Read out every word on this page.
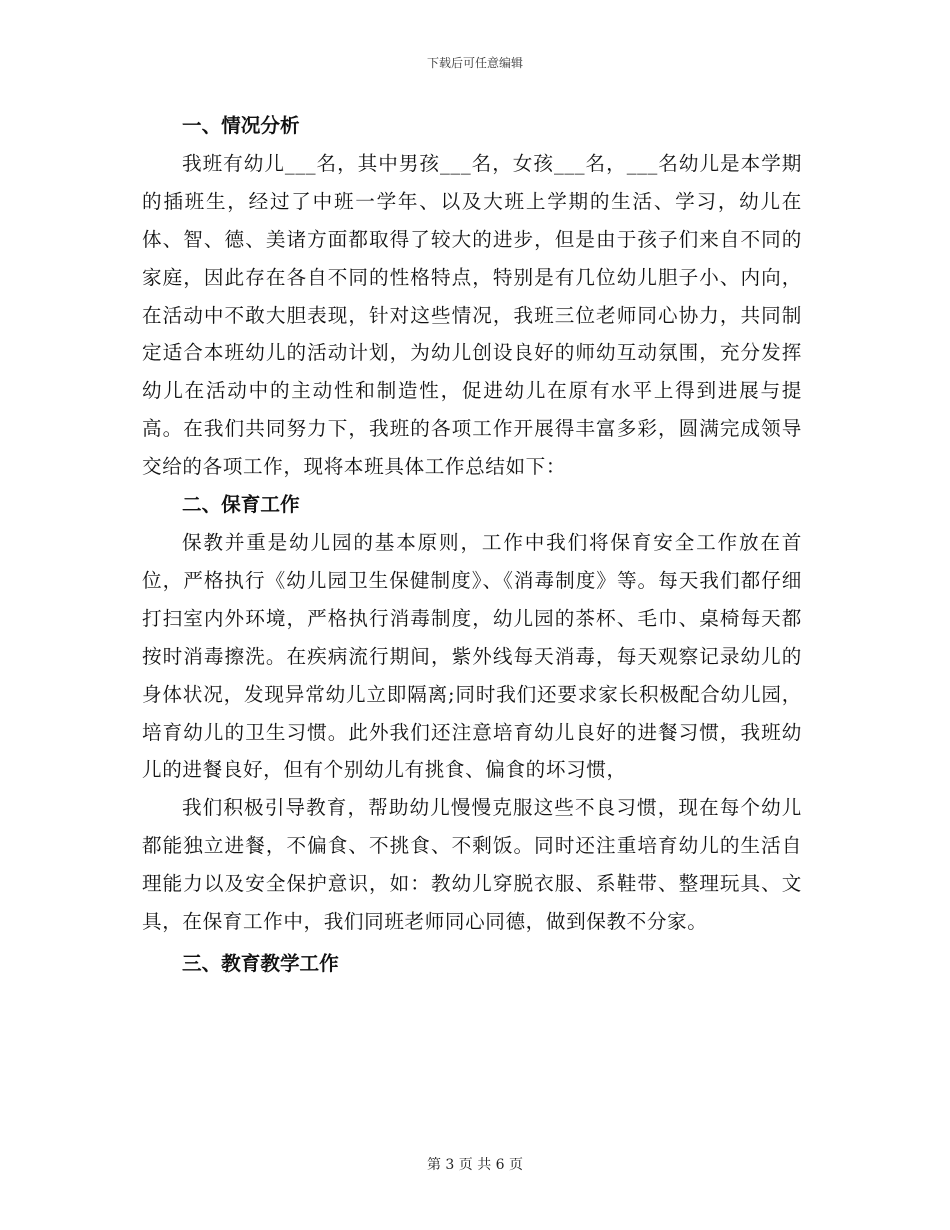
下载后可任意编辑

一、情况分析

我班有幼儿___名，其中男孩___名，女孩___名，___名幼儿是本学期的插班生，经过了中班一学年、以及大班上学期的生活、学习，幼儿在体、智、德、美诸方面都取得了较大的进步，但是由于孩子们来自不同的家庭，因此存在各自不同的性格特点，特别是有几位幼儿胆子小、内向，在活动中不敢大胆表现，针对这些情况，我班三位老师同心协力，共同制定适合本班幼儿的活动计划，为幼儿创设良好的师幼互动氛围，充分发挥幼儿在活动中的主动性和制造性，促进幼儿在原有水平上得到进展与提高。在我们共同努力下，我班的各项工作开展得丰富多彩，圆满完成领导交给的各项工作，现将本班具体工作总结如下：

二、保育工作

保教并重是幼儿园的基本原则，工作中我们将保育安全工作放在首位，严格执行《幼儿园卫生保健制度》、《消毒制度》等。每天我们都仔细打扫室内外环境，严格执行消毒制度，幼儿园的茶杯、毛巾、桌椅每天都按时消毒擦洗。在疾病流行期间，紫外线每天消毒，每天观察记录幼儿的身体状况，发现异常幼儿立即隔离;同时我们还要求家长积极配合幼儿园，培育幼儿的卫生习惯。此外我们还注意培育幼儿良好的进餐习惯，我班幼儿的进餐良好，但有个别幼儿有挑食、偏食的坏习惯，

我们积极引导教育，帮助幼儿慢慢克服这些不良习惯，现在每个幼儿都能独立进餐，不偏食、不挑食、不剩饭。同时还注重培育幼儿的生活自理能力以及安全保护意识，如：教幼儿穿脱衣服、系鞋带、整理玩具、文具，在保育工作中，我们同班老师同心同德，做到保教不分家。

三、教育教学工作

第 3 页 共 6 页
